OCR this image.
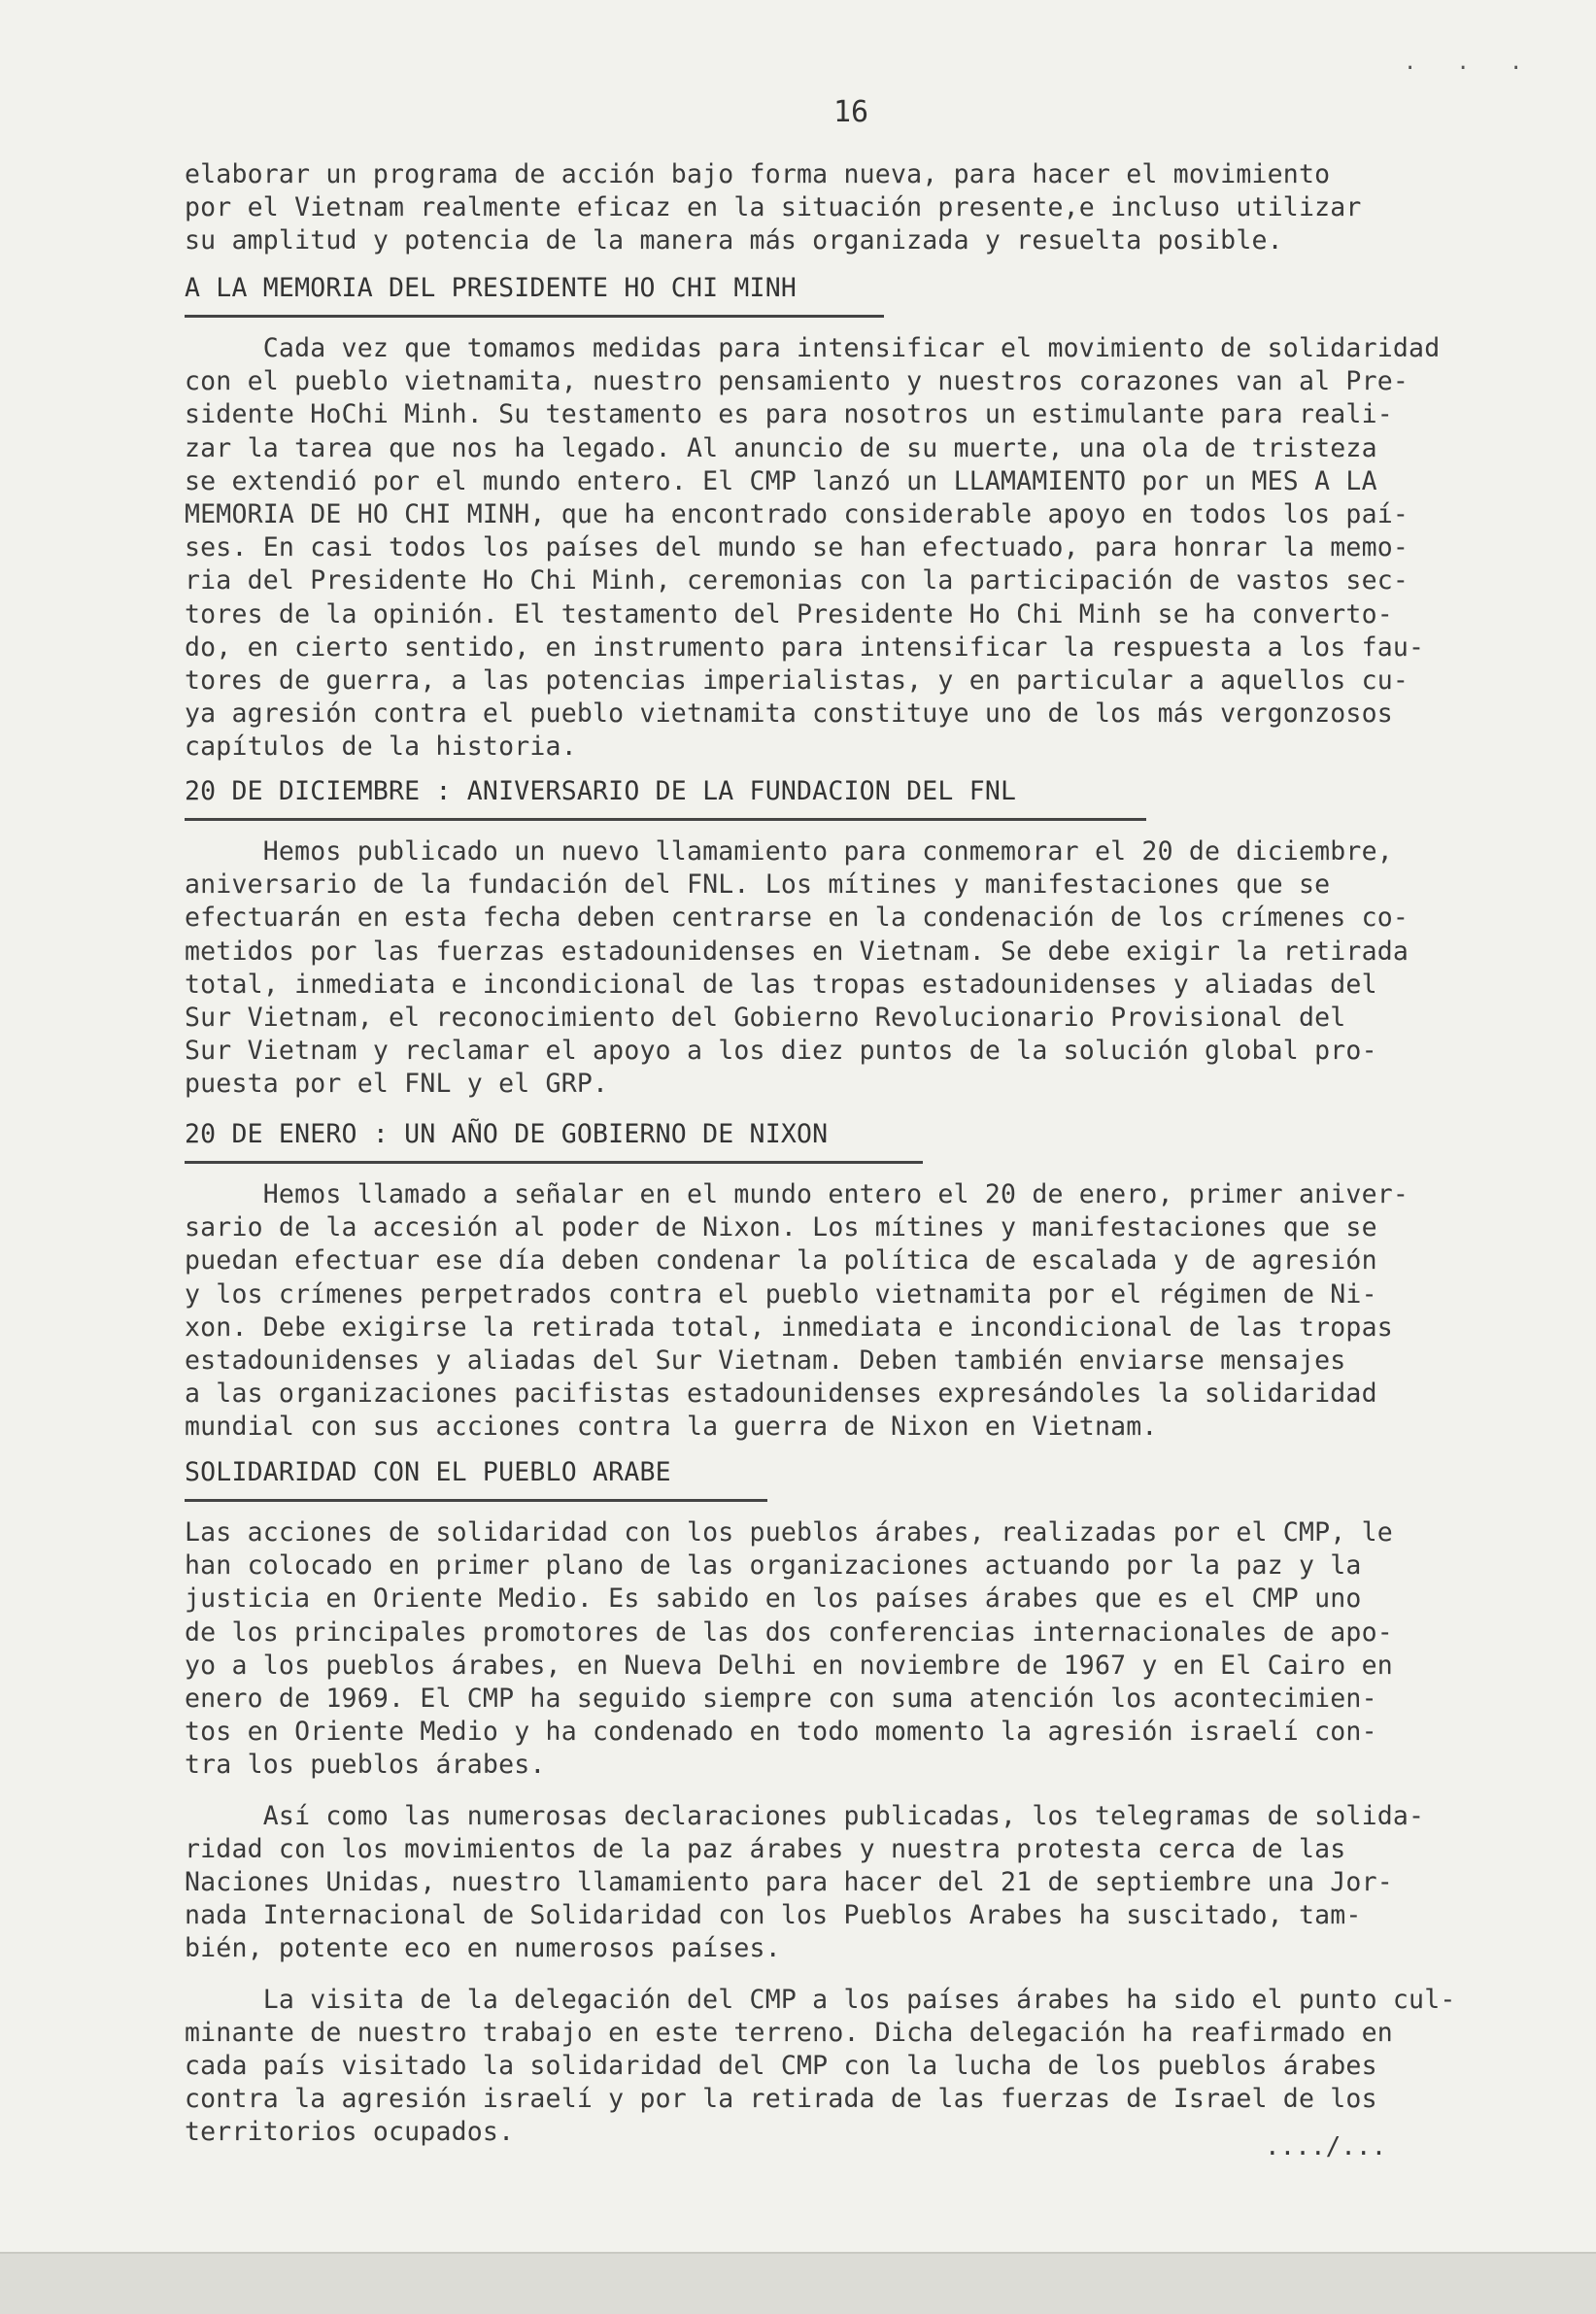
. . .
16
elaborar un programa de acción bajo forma nueva, para hacer el movimiento
por el Vietnam realmente eficaz en la situación presente,e incluso utilizar
su amplitud y potencia de la manera más organizada y resuelta posible.
A LA MEMORIA DEL PRESIDENTE HO CHI MINH
Cada vez que tomamos medidas para intensificar el movimiento de solidaridad
con el pueblo vietnamita, nuestro pensamiento y nuestros corazones van al Pre-
sidente HoChi Minh. Su testamento es para nosotros un estimulante para reali-
zar la tarea que nos ha legado. Al anuncio de su muerte, una ola de tristeza
se extendió por el mundo entero. El CMP lanzó un LLAMAMIENTO por un MES A LA
MEMORIA DE HO CHI MINH, que ha encontrado considerable apoyo en todos los paí-
ses. En casi todos los países del mundo se han efectuado, para honrar la memo-
ria del Presidente Ho Chi Minh, ceremonias con la participación de vastos sec-
tores de la opinión. El testamento del Presidente Ho Chi Minh se ha converto-
do, en cierto sentido, en instrumento para intensificar la respuesta a los fau-
tores de guerra, a las potencias imperialistas, y en particular a aquellos cu-
ya agresión contra el pueblo vietnamita constituye uno de los más vergonzosos
capítulos de la historia.
20 DE DICIEMBRE : ANIVERSARIO DE LA FUNDACION DEL FNL
Hemos publicado un nuevo llamamiento para conmemorar el 20 de diciembre,
aniversario de la fundación del FNL. Los mítines y manifestaciones que se
efectuarán en esta fecha deben centrarse en la condenación de los crímenes co-
metidos por las fuerzas estadounidenses en Vietnam. Se debe exigir la retirada
total, inmediata e incondicional de las tropas estadounidenses y aliadas del
Sur Vietnam, el reconocimiento del Gobierno Revolucionario Provisional del
Sur Vietnam y reclamar el apoyo a los diez puntos de la solución global pro-
puesta por el FNL y el GRP.
20 DE ENERO : UN AÑO DE GOBIERNO DE NIXON
Hemos llamado a señalar en el mundo entero el 20 de enero, primer aniver-
sario de la accesión al poder de Nixon. Los mítines y manifestaciones que se
puedan efectuar ese día deben condenar la política de escalada y de agresión
y los crímenes perpetrados contra el pueblo vietnamita por el régimen de Ni-
xon. Debe exigirse la retirada total, inmediata e incondicional de las tropas
estadounidenses y aliadas del Sur Vietnam. Deben también enviarse mensajes
a las organizaciones pacifistas estadounidenses expresándoles la solidaridad
mundial con sus acciones contra la guerra de Nixon en Vietnam.
SOLIDARIDAD CON EL PUEBLO ARABE
Las acciones de solidaridad con los pueblos árabes, realizadas por el CMP, le
han colocado en primer plano de las organizaciones actuando por la paz y la
justicia en Oriente Medio. Es sabido en los países árabes que es el CMP uno
de los principales promotores de las dos conferencias internacionales de apo-
yo a los pueblos árabes, en Nueva Delhi en noviembre de 1967 y en El Cairo en
enero de 1969. El CMP ha seguido siempre con suma atención los acontecimien-
tos en Oriente Medio y ha condenado en todo momento la agresión israelí con-
tra los pueblos árabes.
Así como las numerosas declaraciones publicadas, los telegramas de solida-
ridad con los movimientos de la paz árabes y nuestra protesta cerca de las
Naciones Unidas, nuestro llamamiento para hacer del 21 de septiembre una Jor-
nada Internacional de Solidaridad con los Pueblos Arabes ha suscitado, tam-
bién, potente eco en numerosos países.
La visita de la delegación del CMP a los países árabes ha sido el punto cul-
minante de nuestro trabajo en este terreno. Dicha delegación ha reafirmado en
cada país visitado la solidaridad del CMP con la lucha de los pueblos árabes
contra la agresión israelí y por la retirada de las fuerzas de Israel de los
territorios ocupados.	..../...
